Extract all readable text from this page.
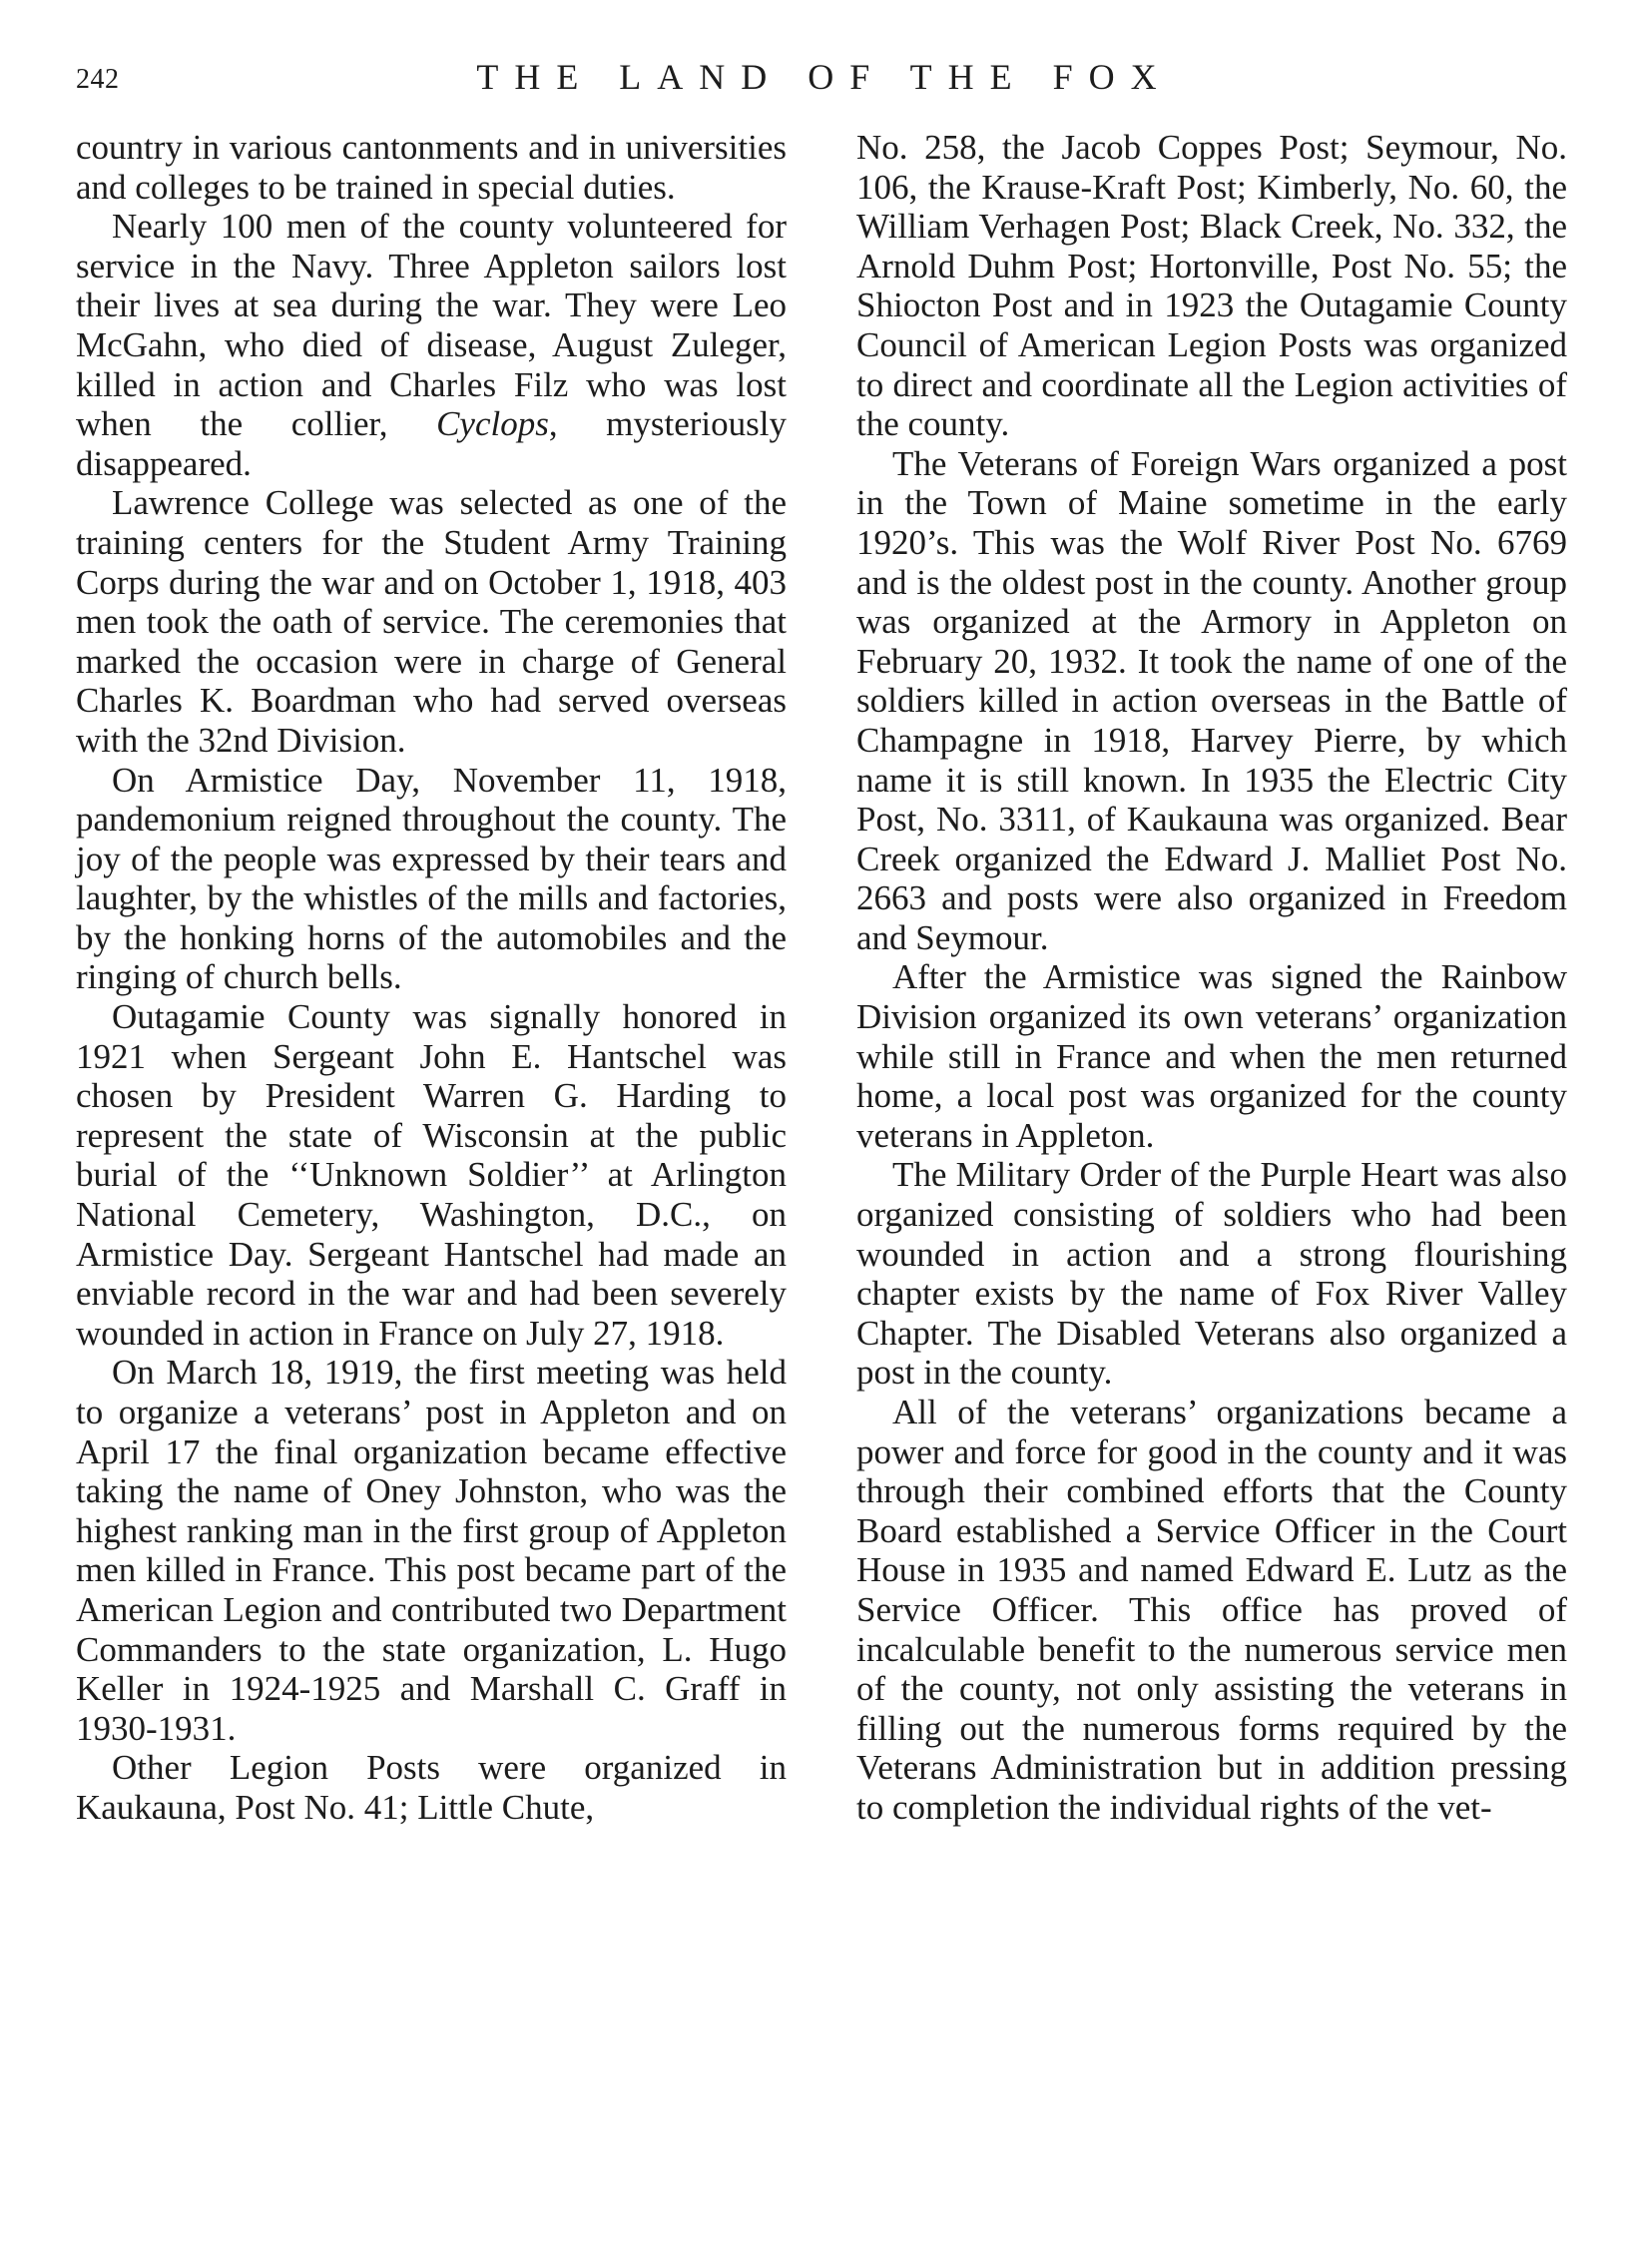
242	THE LAND OF THE FOX

country in various cantonments and in universities and colleges to be trained in special duties.

Nearly 100 men of the county volunteered for service in the Navy. Three Appleton sailors lost their lives at sea during the war. They were Leo McGahn, who died of disease, August Zuleger, killed in action and Charles Filz who was lost when the collier, Cyclops, mysteriously disappeared.

Lawrence College was selected as one of the training centers for the Student Army Training Corps during the war and on October 1, 1918, 403 men took the oath of service. The ceremonies that marked the occasion were in charge of General Charles K. Boardman who had served overseas with the 32nd Division.

On Armistice Day, November 11, 1918, pandemonium reigned throughout the county. The joy of the people was expressed by their tears and laughter, by the whistles of the mills and factories, by the honking horns of the automobiles and the ringing of church bells.

Outagamie County was signally honored in 1921 when Sergeant John E. Hantschel was chosen by President Warren G. Harding to represent the state of Wisconsin at the public burial of the ‘‘Unknown Soldier’’ at Arlington National Cemetery, Washington, D.C., on Armistice Day. Sergeant Hantschel had made an enviable record in the war and had been severely wounded in action in France on July 27, 1918.

On March 18, 1919, the first meeting was held to organize a veterans’ post in Appleton and on April 17 the final organization became effective taking the name of Oney Johnston, who was the highest ranking man in the first group of Appleton men killed in France. This post became part of the American Legion and contributed two Department Commanders to the state organization, L. Hugo Keller in 1924-1925 and Marshall C. Graff in 1930-1931.

Other Legion Posts were organized in Kaukauna, Post No. 41; Little Chute,

No. 258, the Jacob Coppes Post; Seymour, No. 106, the Krause-Kraft Post; Kimberly, No. 60, the William Verhagen Post; Black Creek, No. 332, the Arnold Duhm Post; Hortonville, Post No. 55; the Shiocton Post and in 1923 the Outagamie County Council of American Legion Posts was organized to direct and coordinate all the Legion activities of the county.

The Veterans of Foreign Wars organized a post in the Town of Maine sometime in the early 1920’s. This was the Wolf River Post No. 6769 and is the oldest post in the county. Another group was organized at the Armory in Appleton on February 20, 1932. It took the name of one of the soldiers killed in action overseas in the Battle of Champagne in 1918, Harvey Pierre, by which name it is still known. In 1935 the Electric City Post, No. 3311, of Kaukauna was organized. Bear Creek organized the Edward J. Malliet Post No. 2663 and posts were also organized in Freedom and Seymour.

After the Armistice was signed the Rainbow Division organized its own veterans’ organization while still in France and when the men returned home, a local post was organized for the county veterans in Appleton.

The Military Order of the Purple Heart was also organized consisting of soldiers who had been wounded in action and a strong flourishing chapter exists by the name of Fox River Valley Chapter. The Disabled Veterans also organized a post in the county.

All of the veterans’ organizations became a power and force for good in the county and it was through their combined efforts that the County Board established a Service Officer in the Court House in 1935 and named Edward E. Lutz as the Service Officer. This office has proved of incalculable benefit to the numerous service men of the county, not only assisting the veterans in filling out the numerous forms required by the Veterans Administration but in addition pressing to completion the individual rights of the vet-
